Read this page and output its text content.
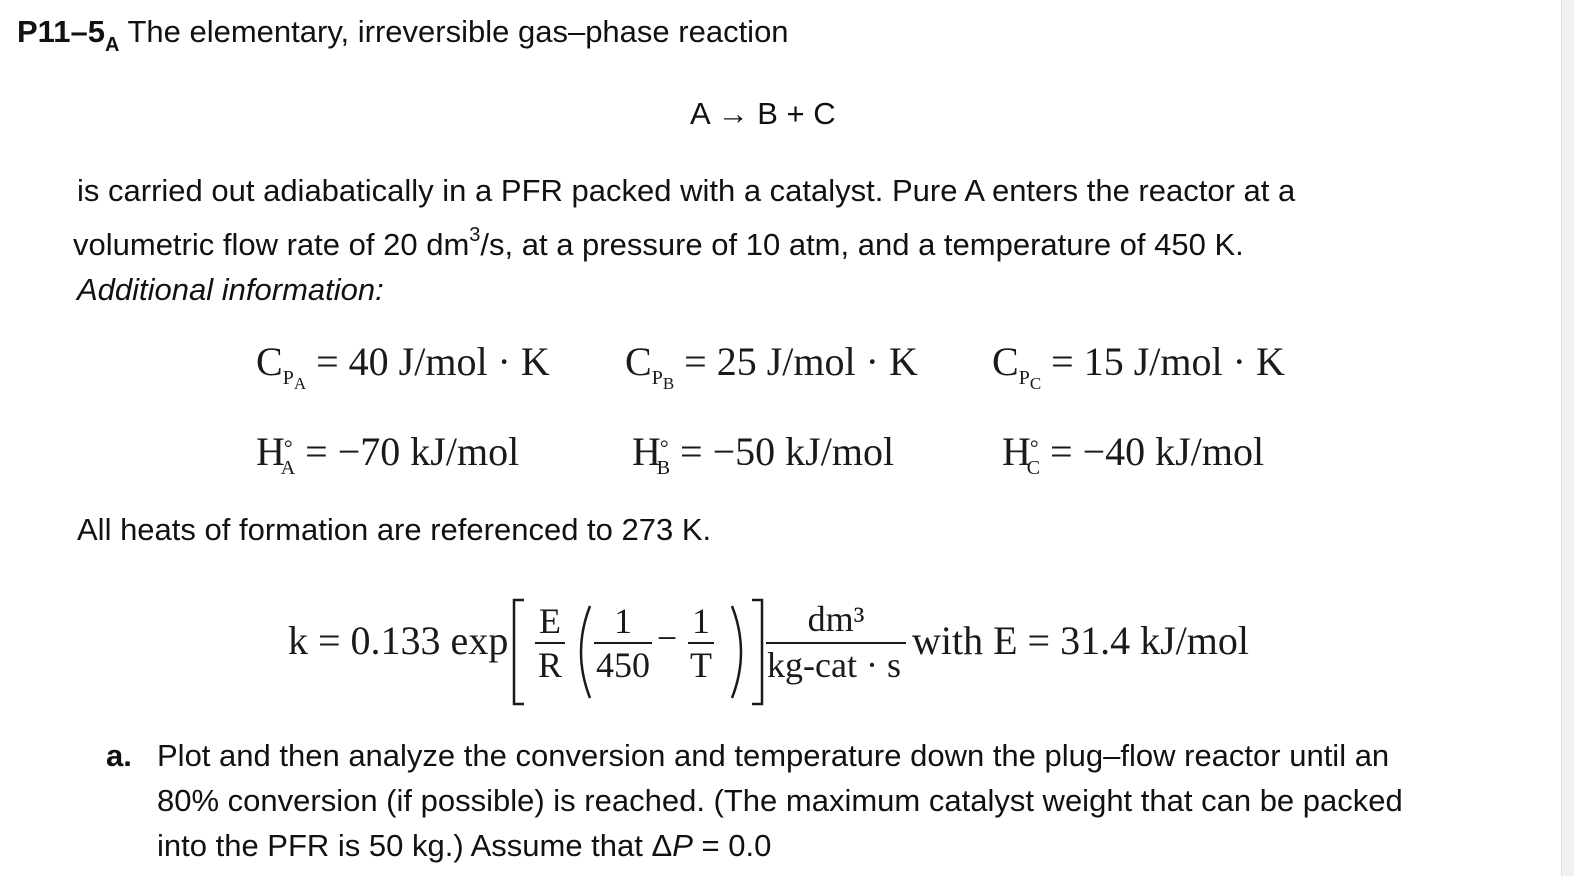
$P11-5_A$ The elementary, irreversible gas–phase reaction
A → B + C
is carried out adiabatically in a PFR packed with a catalyst. Pure A enters the reactor at a
volumetric flow rate of 20 $dm^3/s$, at a pressure of 10 atm, and a temperature of 450 K.
Additional information:
$C_{PA} = 40$ J/mol · K $C_{PB} = 25$ J/mol · K $C_{PC} = 15$ J/mol · K
$H^\circ_A = -70$ kJ/mol	$H^\circ_B = -50$ kJ/mol	$H^\circ_C = -40$ kJ/mol
All heats of formation are referenced to 273 K.
k = 0.133 exp E
R
1
450
− 1
T
dm³
kg-cat · s
with E = 31.4 kJ/mol
a. Plot and then analyze the conversion and temperature down the plug–flow reactor until an
80% conversion (if possible) is reached. (The maximum catalyst weight that can be packed
into the PFR is 50 kg.) Assume that ΔP = 0.0
